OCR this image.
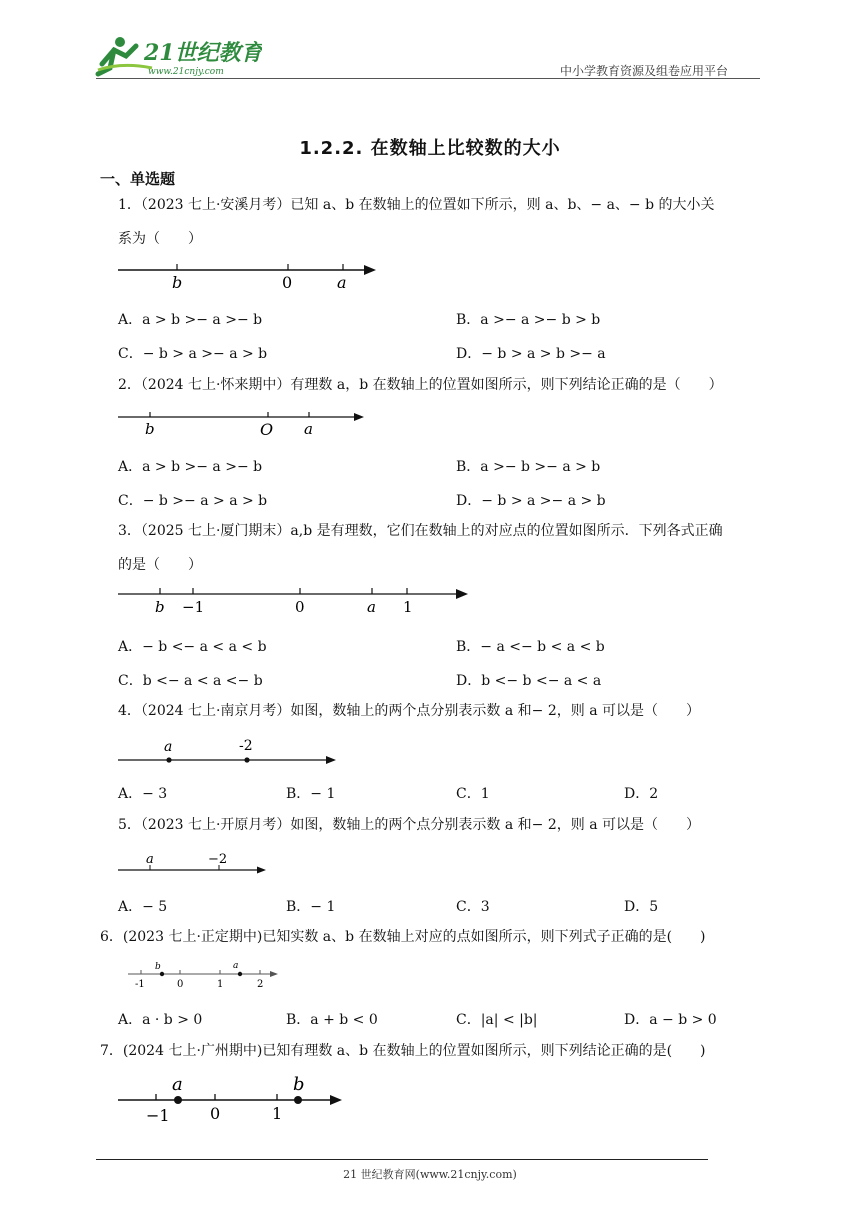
21世纪教育
www.21cnjy.com	中小学教育资源及组卷应用平台
1.2.2. 在数轴上比较数的大小
一、单选题
1．（2023 七上·安溪月考）已知 a、b 在数轴上的位置如下所示，则 a、b、− a、− b 的大小关
系为（　　）
b	0	a
A．a > b >− a >− b	B．a >− a >− b > b
C．− b > a >− a > b	D．− b > a > b >− a
2．（2024 七上·怀来期中）有理数 a，b 在数轴上的位置如图所示，则下列结论正确的是（　　）
b	O a
A．a > b >− a >− b	B．a >− b >− a > b
C．− b >− a > a > b	D．− b > a >− a > b
3．（2025 七上·厦门期末）a,b 是有理数，它们在数轴上的对应点的位置如图所示．下列各式正确
的是（　　）
b −1	0	a 1
A．− b <− a < a < b	B．− a <− b < a < b
C．b <− a < a <− b	D．b <− b <− a < a
4．（2024 七上·南京月考）如图，数轴上的两个点分别表示数 a 和− 2，则 a 可以是（　　）
a	-2
A．− 3	B．− 1	C．1	D．2
5．（2023 七上·开原月考）如图，数轴上的两个点分别表示数 a 和− 2，则 a 可以是（　　）
a	−2
A．− 5	B．− 1	C．3	D．5
6．(2023 七上·正定期中)已知实数 a、b 在数轴上对应的点如图所示，则下列式子正确的是(　　)
b	a
-1	0	1	2
A．a · b > 0	B．a + b < 0	C．|a| < |b|	D．a − b > 0
7．(2024 七上·广州期中)已知有理数 a、b 在数轴上的位置如图所示，则下列结论正确的是(　　)
a	b
−1	0	1
21 世纪教育网(www.21cnjy.com)
